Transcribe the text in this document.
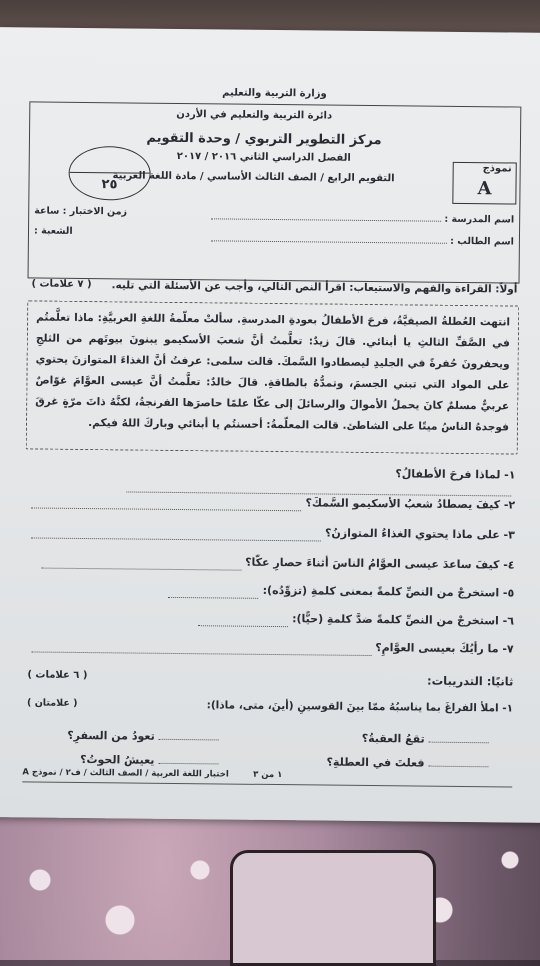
وزارة التربية والتعليم
دائرة التربية والتعليم في الأردن
مركز التطوير التربوي / وحدة التقويم
الفصل الدراسي الثاني ٢٠١٦ / ٢٠١٧
التقويم الرابع / الصف الثالث الأساسي / مادة اللغة العربية
نموذج
A
٢٥
زمن الاختبار : ساعة
الشعبة :
اسم المدرسة :
اسم الطالب :
أولاً: القراءة والفهم والاستيعاب: اقرأ النص التالي، وأجب عن الأسئلة التي تليه.
( ٧ علامات )
انتهت العُطلةُ الصيفيَّةُ، فرحَ الأطفالُ بعودةِ المدرسةِ. سألتْ معلّمةُ اللغةِ العربيَّةِ: ماذا تعلَّمتُم في الصَّفِّ الثالثِ يا أبنائي. قالَ زيدٌ: تعلَّمتُ أنَّ شعبَ الأسكيمو يبنونَ بيوتَهم من الثلجِ ويحفرونَ حُفرةً في الجليدِ ليصطادوا السَّمكَ. قالت سلمى: عرفتُ أنَّ الغذاءَ المتوازنَ يحتوي على المواد التي تبني الجسمَ، وتمدُّهُ بالطاقةِ. قالَ خالدٌ: تعلَّمتُ أنَّ عيسى العوَّامَ غوّاصٌ عربيٌّ مسلمٌ كانَ يحملُ الأموالَ والرسائلَ إلى عكّا علمًا حاصرَها الفرنجةُ، لكنَّهُ ذاتَ مرّةٍ غرقَ فوجدهُ الناسُ ميتًا على الشاطئ. قالت المعلّمةُ: أحسنتُم يا أبنائي وباركَ اللهُ فيكم.
١- لماذا فرحَ الأطفالُ؟
٢- كيفَ يصطادُ شعبُ الأسكيمو السَّمكَ؟
٣- على ماذا يحتوي الغذاءُ المتوازنُ؟
٤- كيفَ ساعدَ عيسى العوَّامُ الناسَ أثناءَ حصارِ عكّا؟
٥- استخرجْ من النصِّ كلمةً بمعنى كلمةِ (تزوِّدُه):
٦- استخرجْ من النصِّ كلمةً ضدَّ كلمةِ (حيًّا):
٧- ما رأيُكَ بعيسى العوَّامِ؟
ثانيًا: التدريبات:
( ٦ علامات )
١- املأ الفراغَ بما يناسبُهُ ممّا بينَ القوسينِ (أينَ، متى، ماذا):
( علامتان )
تقعُ العقبةُ؟
تعودُ من السفرِ؟
فعلتَ في العطلةِ؟
يعيشُ الحوتُ؟
اختبار اللغة العربية / الصف الثالث / ف٢ / نموذج A	١ من ٣
